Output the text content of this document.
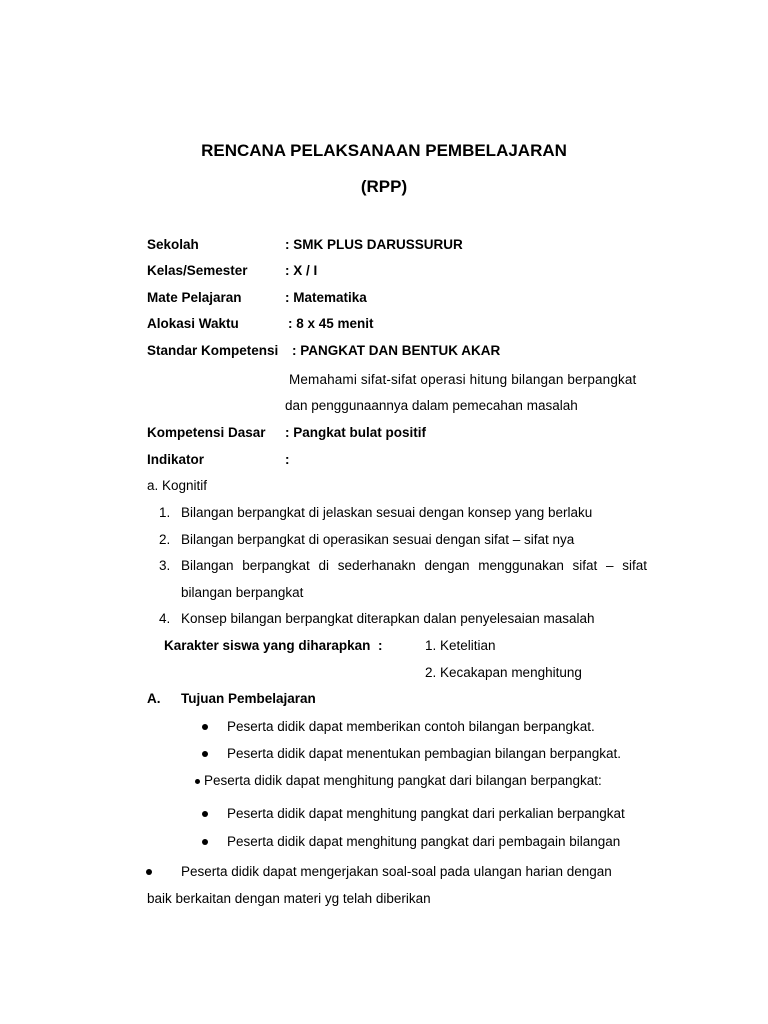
RENCANA PELAKSANAAN PEMBELAJARAN
(RPP)
Sekolah	: SMK PLUS DARUSSURUR
Kelas/Semester	: X / I
Mate Pelajaran	: Matematika
Alokasi Waktu	: 8 x 45 menit
Standar Kompetensi : PANGKAT DAN BENTUK AKAR
Memahami sifat-sifat operasi hitung bilangan berpangkat
dan penggunaannya dalam pemecahan masalah
Kompetensi Dasar : Pangkat bulat positif
Indikator	:
a. Kognitif
1. Bilangan berpangkat di jelaskan sesuai dengan konsep yang berlaku
2. Bilangan berpangkat di operasikan sesuai dengan sifat – sifat nya
3. Bilangan berpangkat di sederhanakn dengan menggunakan sifat – sifat
bilangan berpangkat
4. Konsep bilangan berpangkat diterapkan dalan penyelesaian masalah
Karakter siswa yang diharapkan :	1. Ketelitian
2. Kecakapan menghitung
A. Tujuan Pembelajaran
Peserta didik dapat memberikan contoh bilangan berpangkat.
Peserta didik dapat menentukan pembagian bilangan berpangkat.
Peserta didik dapat menghitung pangkat dari bilangan berpangkat:
Peserta didik dapat menghitung pangkat dari perkalian berpangkat
Peserta didik dapat menghitung pangkat dari pembagain bilangan
Peserta didik dapat mengerjakan soal-soal pada ulangan harian dengan
baik berkaitan dengan materi yg telah diberikan
